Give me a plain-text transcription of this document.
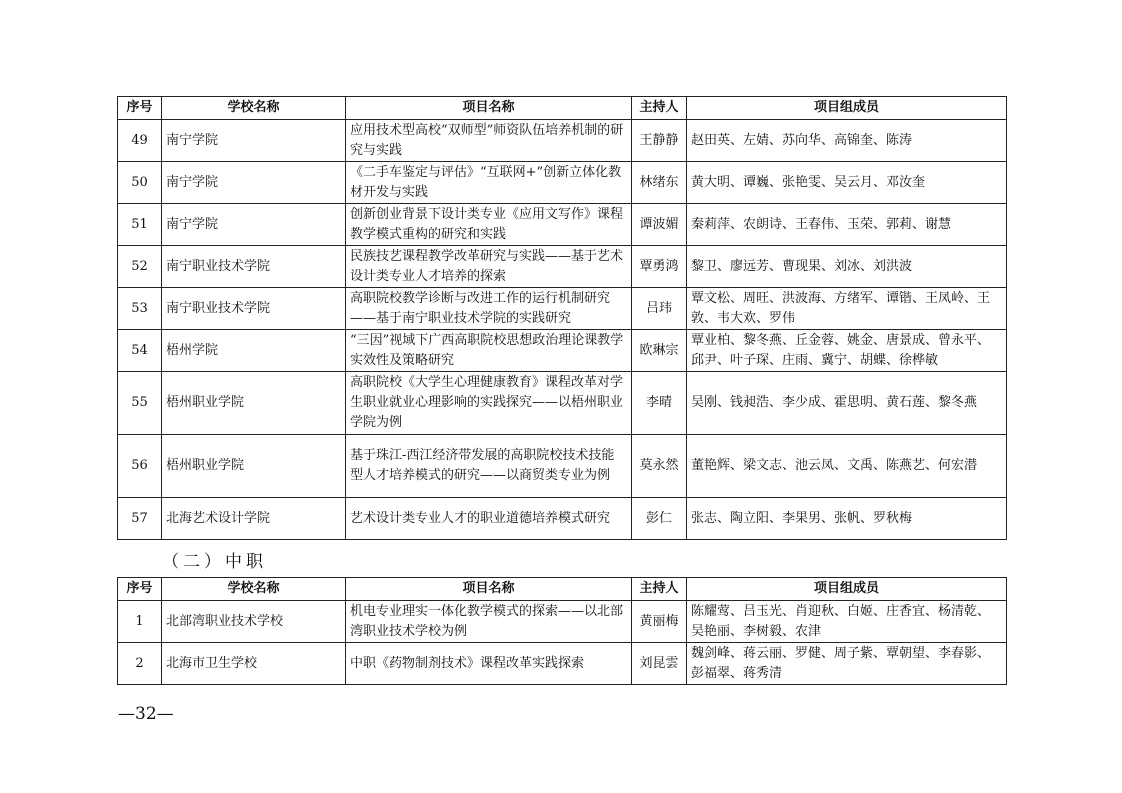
序号	学校名称	项目名称	主持人	项目组成员
49	南宁学院	应用技术型高校“双师型”师资队伍培养机制的研究与实践	王静静	赵田英、左婧、苏向华、高锦奎、陈涛
50	南宁学院	《二手车鉴定与评估》“互联网+”创新立体化教材开发与实践	林绪东	黄大明、谭巍、张艳雯、吴云月、邓汝奎
51	南宁学院	创新创业背景下设计类专业《应用文写作》课程教学模式重构的研究和实践	谭波媚	秦莉萍、农朗诗、王春伟、玉荣、郭莉、谢慧
52	南宁职业技术学院	民族技艺课程教学改革研究与实践——基于艺术设计类专业人才培养的探索	覃勇鸿	黎卫、廖远芳、曹现果、刘冰、刘洪波
53	南宁职业技术学院	高职院校教学诊断与改进工作的运行机制研究——基于南宁职业技术学院的实践研究	吕玮	覃文松、周旺、洪波海、方绪军、谭锴、王凤岭、王敦、韦大欢、罗伟
54	梧州学院	“三因”视域下广西高职院校思想政治理论课教学实效性及策略研究	欧琳宗	覃业柏、黎冬燕、丘金蓉、姚金、唐景成、曾永平、邱尹、叶子琛、庄雨、冀宁、胡蝶、徐桦敏
55	梧州职业学院	高职院校《大学生心理健康教育》课程改革对学生职业就业心理影响的实践探究——以梧州职业学院为例	李晴	吴刚、钱昶浩、李少成、霍思明、黄石莲、黎冬燕
56	梧州职业学院	基于珠江-西江经济带发展的高职院校技术技能型人才培养模式的研究——以商贸类专业为例	莫永然	董艳辉、梁文志、池云凤、文禹、陈燕艺、何宏潜
57	北海艺术设计学院	艺术设计类专业人才的职业道德培养模式研究	彭仁	张志、陶立阳、李果男、张帆、罗秋梅
（二）中职
序号	学校名称	项目名称	主持人	项目组成员
1	北部湾职业技术学校	机电专业理实一体化教学模式的探索——以北部湾职业技术学校为例	黄丽梅	陈耀莺、吕玉光、肖迎秋、白姬、庄香宜、杨清乾、吴艳丽、李树毅、农津
2	北海市卫生学校	中职《药物制剂技术》课程改革实践探索	刘昆雲	魏剑峰、蒋云丽、罗健、周子紫、覃朝望、李春影、彭福翠、蒋秀清
—32—
